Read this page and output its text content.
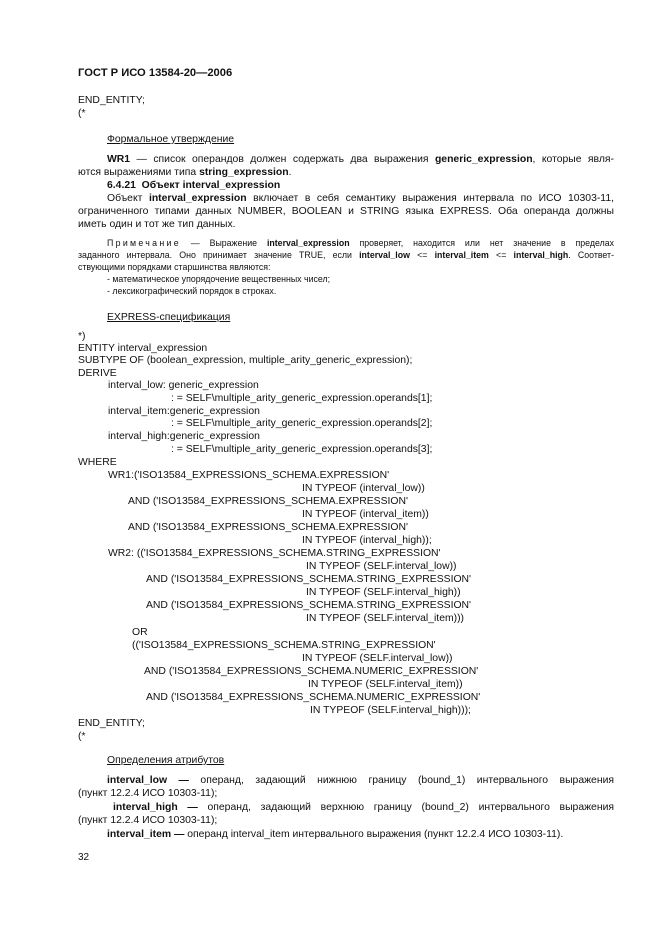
ГОСТ Р ИСО 13584-20—2006
END_ENTITY;
(*
Формальное утверждение
WR1 — список операндов должен содержать два выражения generic_expression, которые явля-
ются выражениями типа string_expression.
6.4.21 Объект interval_expression
Объект interval_expression включает в себя семантику выражения интервала по ИСО 10303-11,
ограниченного типами данных NUMBER, BOOLEAN и STRING языка EXPRESS. Оба операнда должны
иметь один и тот же тип данных.
Примечание — Выражение interval_expression проверяет, находится или нет значение в пределах
заданного интервала. Оно принимает значение TRUE, если interval_low <= interval_item <= interval_high. Соответ-
ствующими порядками старшинства являются:
- математическое упорядочение вещественных чисел;
- лексикографический порядок в строках.
EXPRESS-спецификация
*)
ENTITY interval_expression
SUBTYPE OF (boolean_expression, multiple_arity_generic_expression);
DERIVE
interval_low: generic_expression
: = SELF\multiple_arity_generic_expression.operands[1];
interval_item:generic_expression
: = SELF\multiple_arity_generic_expression.operands[2];
interval_high:generic_expression
: = SELF\multiple_arity_generic_expression.operands[3];
WHERE
WR1:('ISO13584_EXPRESSIONS_SCHEMA.EXPRESSION'
IN TYPEOF (interval_low))
AND ('ISO13584_EXPRESSIONS_SCHEMA.EXPRESSION'
IN TYPEOF (interval_item))
AND ('ISO13584_EXPRESSIONS_SCHEMA.EXPRESSION'
IN TYPEOF (interval_high));
WR2: (('ISO13584_EXPRESSIONS_SCHEMA.STRING_EXPRESSION'
IN TYPEOF (SELF.interval_low))
AND ('ISO13584_EXPRESSIONS_SCHEMA.STRING_EXPRESSION'
IN TYPEOF (SELF.interval_high))
AND ('ISO13584_EXPRESSIONS_SCHEMA.STRING_EXPRESSION'
IN TYPEOF (SELF.interval_item)))
OR
(('ISO13584_EXPRESSIONS_SCHEMA.STRING_EXPRESSION'
IN TYPEOF (SELF.interval_low))
AND ('ISO13584_EXPRESSIONS_SCHEMA.NUMERIC_EXPRESSION'
IN TYPEOF (SELF.interval_item))
AND ('ISO13584_EXPRESSIONS_SCHEMA.NUMERIC_EXPRESSION'
IN TYPEOF (SELF.interval_high)));
END_ENTITY;
(*
Определения атрибутов
interval_low — операнд, задающий нижнюю границу (bound_1) интервального выражения
(пункт 12.2.4 ИСО 10303-11);
interval_high — операнд, задающий верхнюю границу (bound_2) интервального выражения
(пункт 12.2.4 ИСО 10303-11);
interval_item — операнд interval_item интервального выражения (пункт 12.2.4 ИСО 10303-11).
32
